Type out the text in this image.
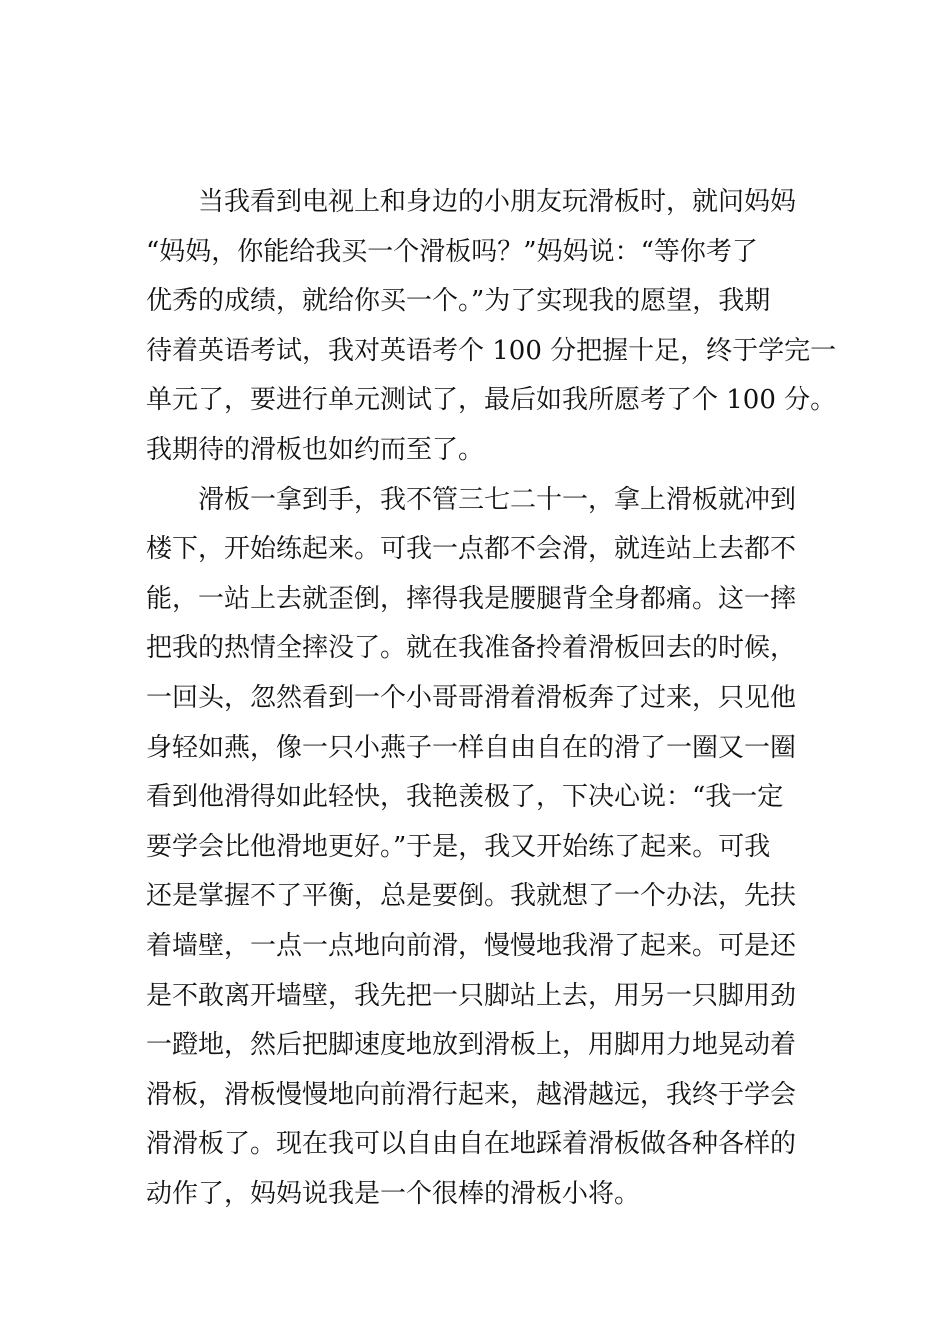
当我看到电视上和身边的小朋友玩滑板时，就问妈妈
“妈妈，你能给我买一个滑板吗？”妈妈说：“等你考了
优秀的成绩，就给你买一个。”为了实现我的愿望，我期
待着英语考试，我对英语考个 100 分把握十足，终于学完一
单元了，要进行单元测试了，最后如我所愿考了个 100 分。
我期待的滑板也如约而至了。

滑板一拿到手，我不管三七二十一，拿上滑板就冲到
楼下，开始练起来。可我一点都不会滑，就连站上去都不
能，一站上去就歪倒，摔得我是腰腿背全身都痛。这一摔
把我的热情全摔没了。就在我准备拎着滑板回去的时候，
一回头，忽然看到一个小哥哥滑着滑板奔了过来，只见他
身轻如燕，像一只小燕子一样自由自在的滑了一圈又一圈
看到他滑得如此轻快，我艳羡极了，下决心说：“我一定
要学会比他滑地更好。”于是，我又开始练了起来。可我
还是掌握不了平衡，总是要倒。我就想了一个办法，先扶
着墙壁，一点一点地向前滑，慢慢地我滑了起来。可是还
是不敢离开墙壁，我先把一只脚站上去，用另一只脚用劲
一蹬地，然后把脚速度地放到滑板上，用脚用力地晃动着
滑板，滑板慢慢地向前滑行起来，越滑越远，我终于学会
滑滑板了。现在我可以自由自在地踩着滑板做各种各样的
动作了，妈妈说我是一个很棒的滑板小将。
